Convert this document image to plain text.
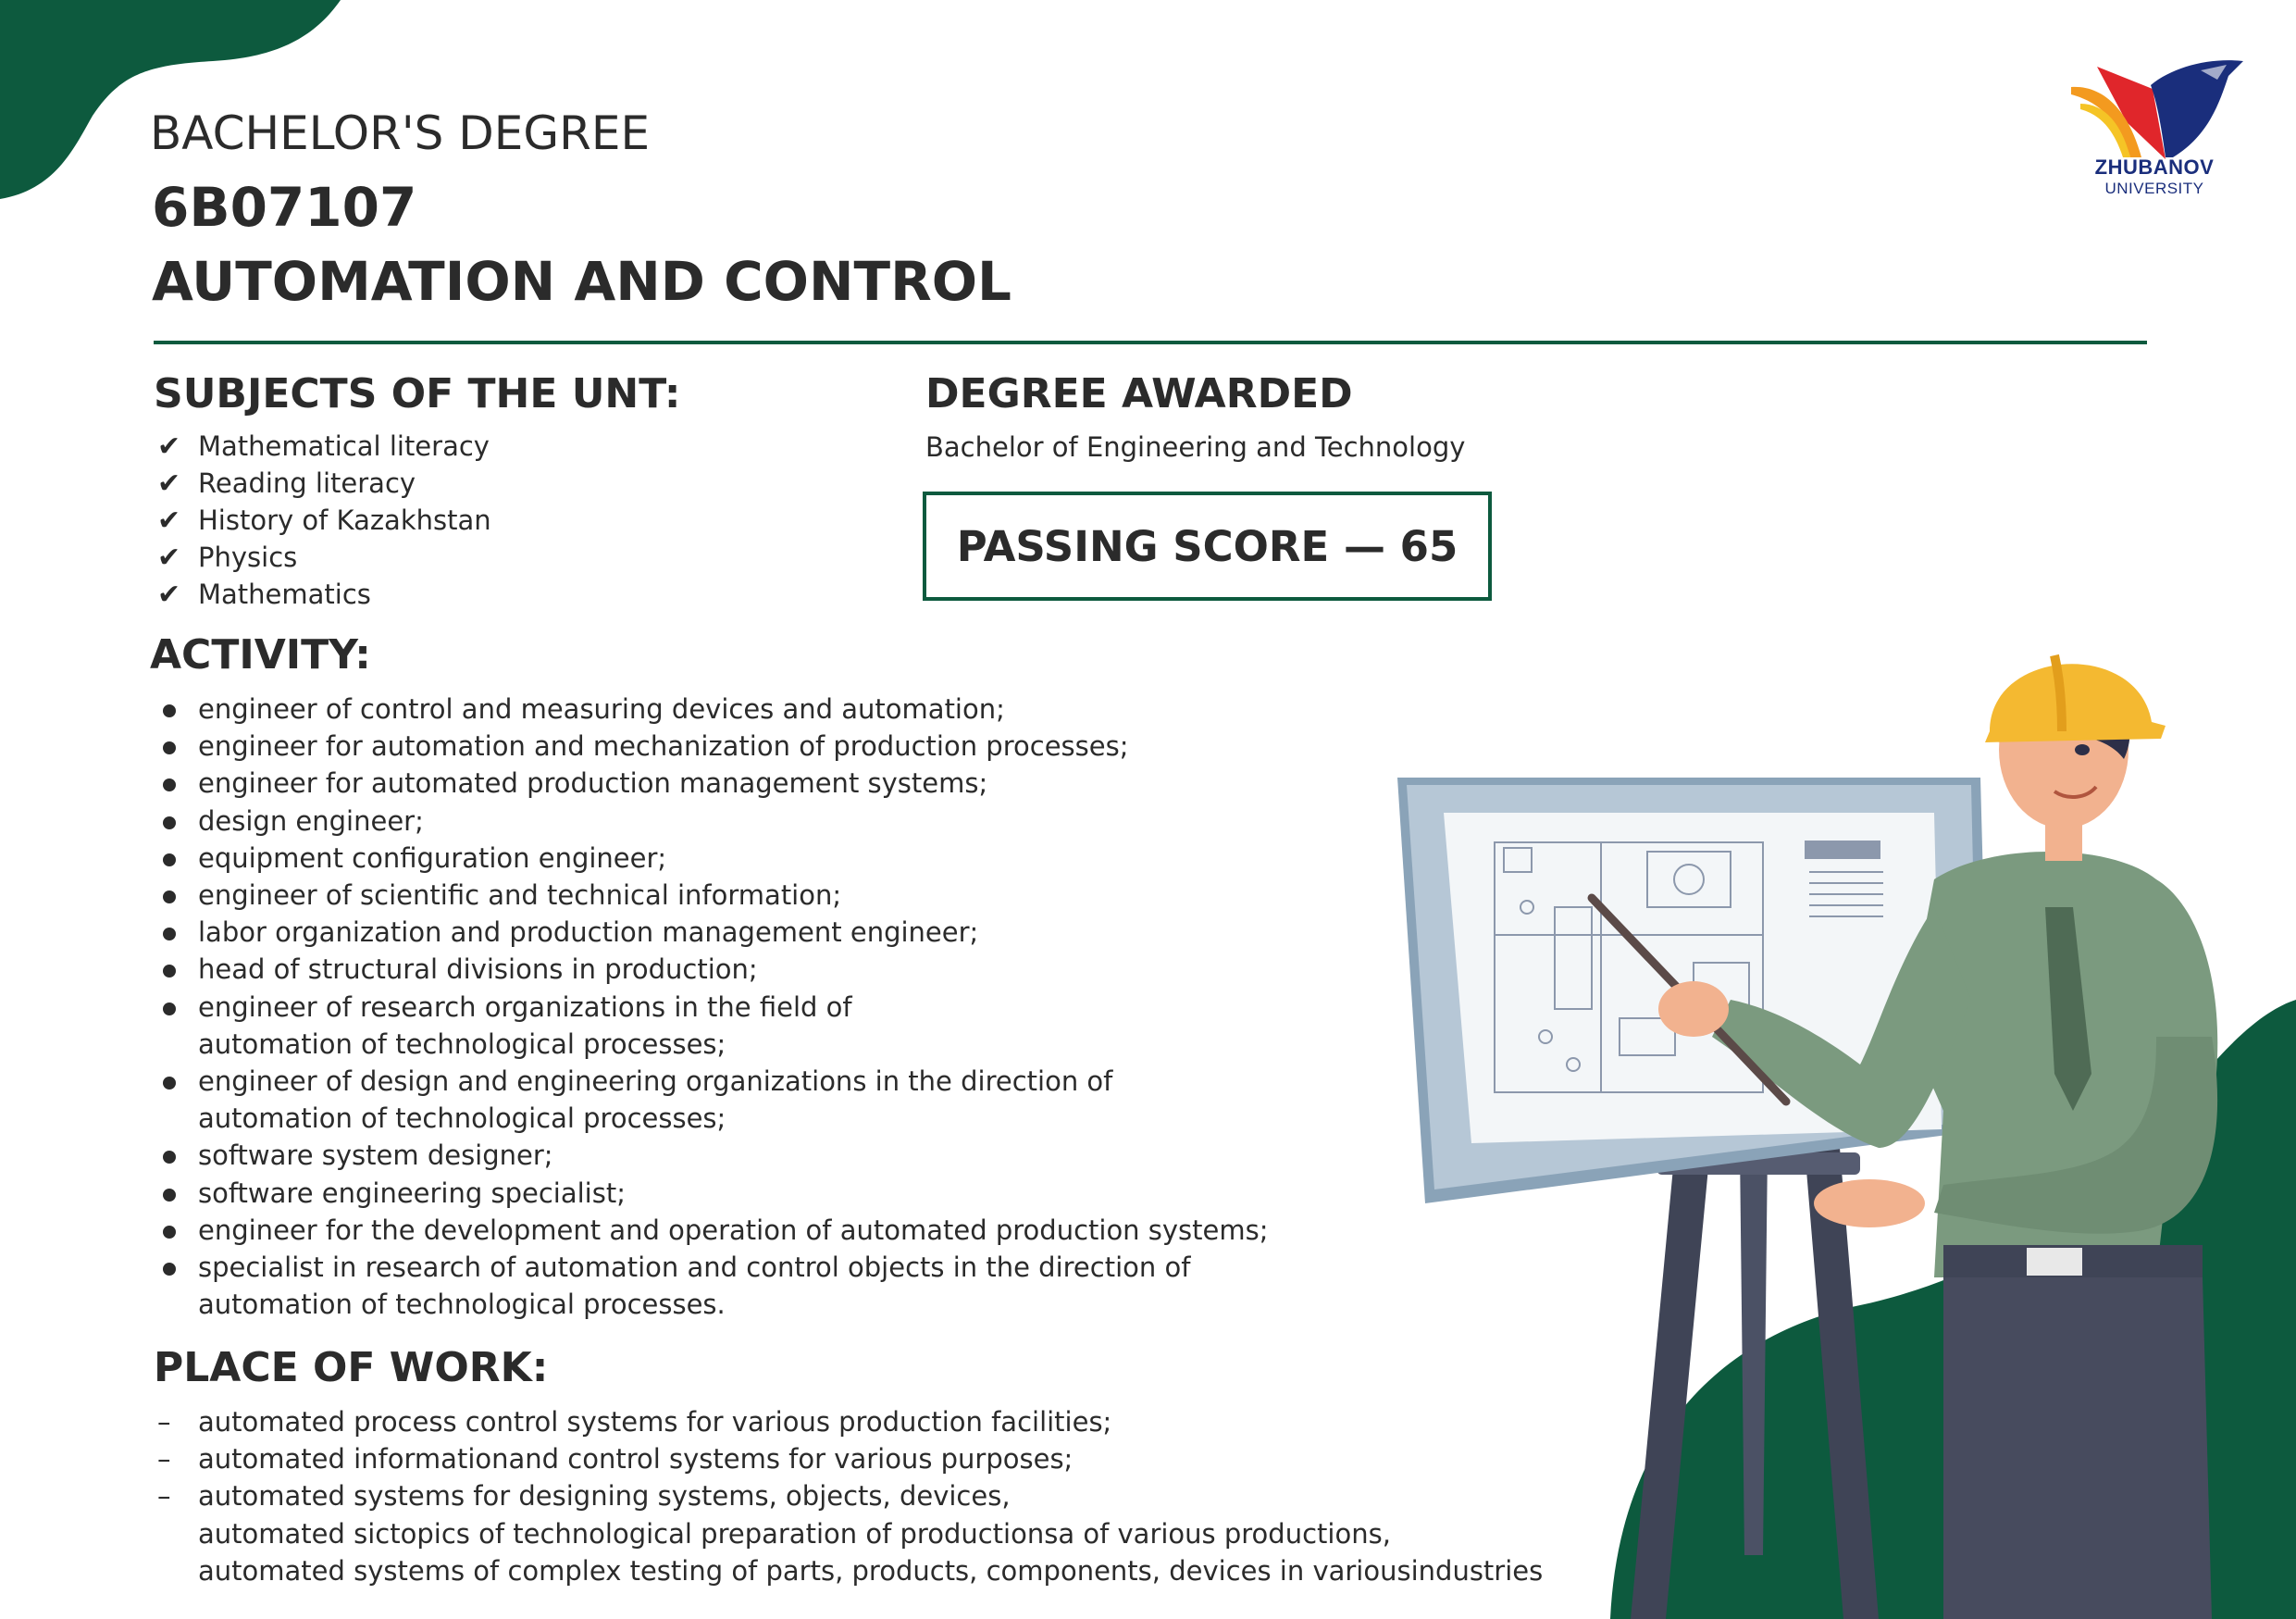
ZHUBANOV
UNIVERSITY
BACHELOR'S DEGREE
6B07107
AUTOMATION AND CONTROL
SUBJECTS OF THE UNT:
✔ Mathematical literacy
✔ Reading literacy
✔ History of Kazakhstan
✔ Physics
✔ Mathematics
DEGREE AWARDED
Bachelor of Engineering and Technology
PASSING SCORE — 65
ACTIVITY:
engineer of control and measuring devices and automation;
engineer for automation and mechanization of production processes;
engineer for automated production management systems;
design engineer;
equipment configuration engineer;
engineer of scientific and technical information;
labor organization and production management engineer;
head of structural divisions in production;
engineer of research organizations in the field of
automation of technological processes;
engineer of design and engineering organizations in the direction of
automation of technological processes;
software system designer;
software engineering specialist;
engineer for the development and operation of automated production systems;
specialist in research of automation and control objects in the direction of
automation of technological processes.
PLACE OF WORK:
– automated process control systems for various production facilities;
– automated informationand control systems for various purposes;
– automated systems for designing systems, objects, devices,
automated sictopics of technological preparation of productionsa of various productions,
automated systems of complex testing of parts, products, components, devices in variousindustries
